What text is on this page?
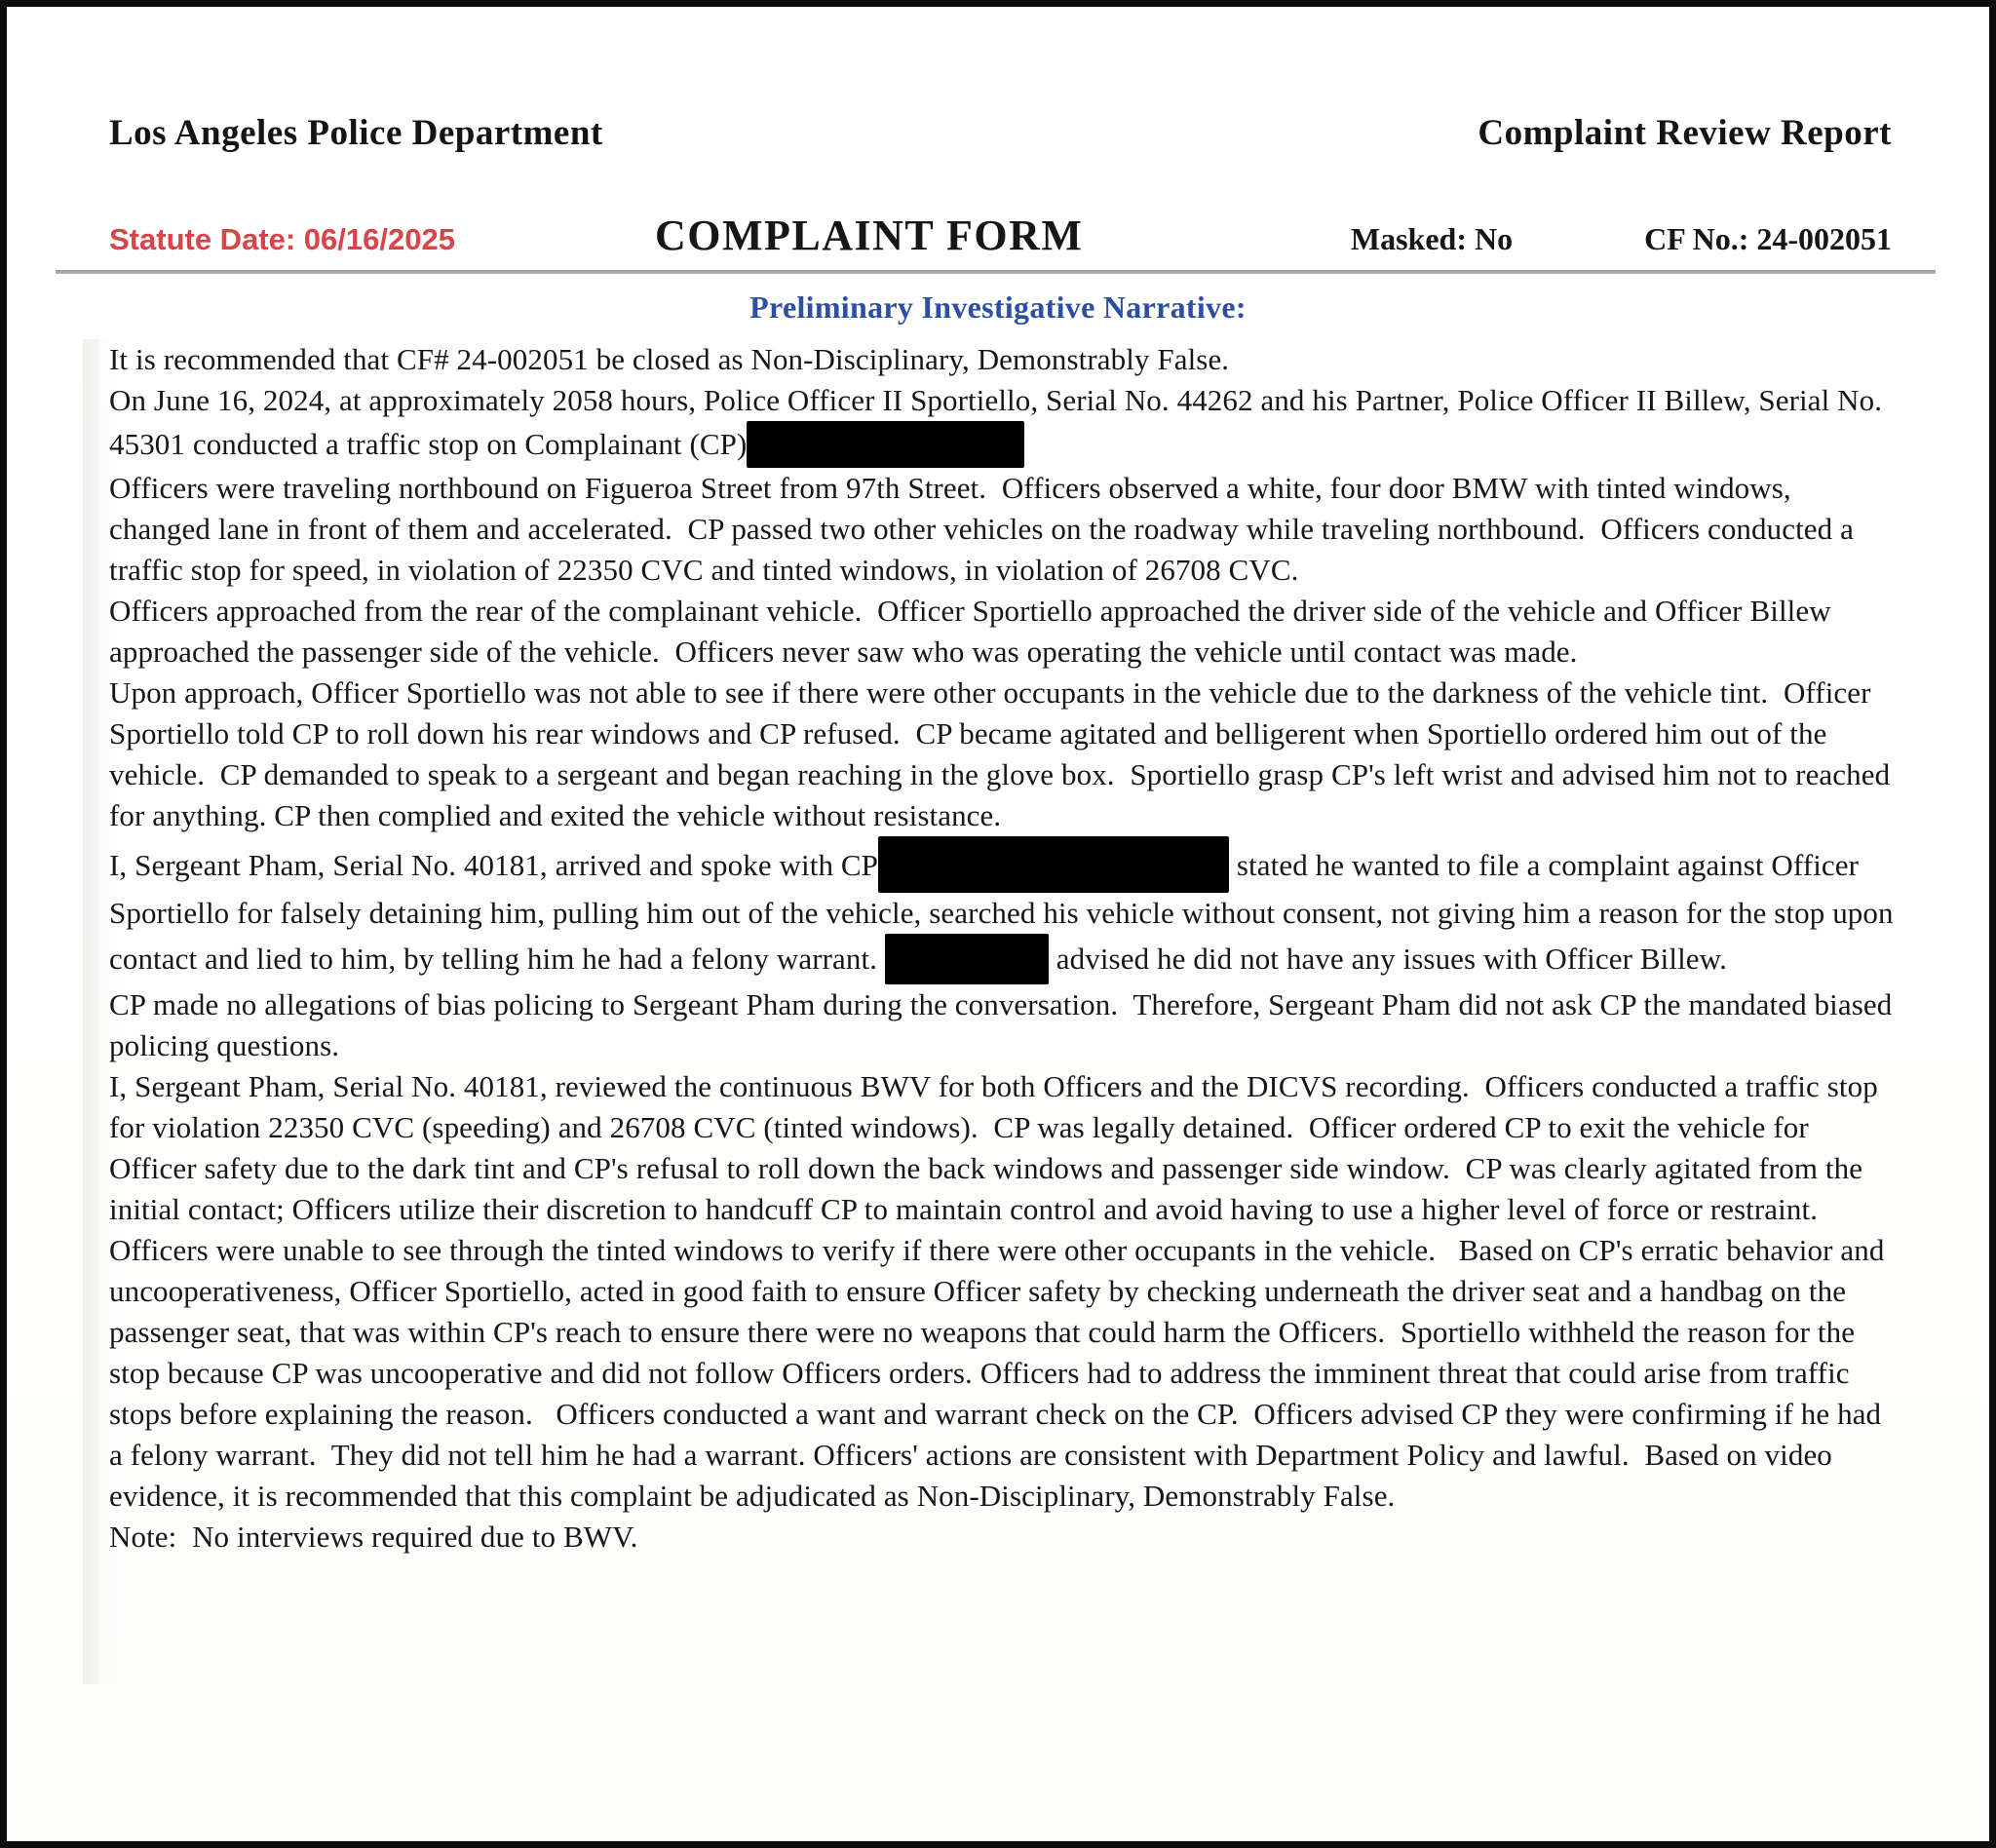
Los Angeles Police Department	Complaint Review Report
Statute Date: 06/16/2025	COMPLAINT FORM	Masked: No	CF No.: 24-002051
Preliminary Investigative Narrative:

It is recommended that CF# 24-002051 be closed as Non-Disciplinary, Demonstrably False.

On June 16, 2024, at approximately 2058 hours, Police Officer II Sportiello, Serial No. 44262 and his Partner, Police Officer II Billew, Serial No. 45301 conducted a traffic stop on Complainant (CP)

Officers were traveling northbound on Figueroa Street from 97th Street.  Officers observed a white, four door BMW with tinted windows, changed lane in front of them and accelerated.  CP passed two other vehicles on the roadway while traveling northbound.  Officers conducted a traffic stop for speed, in violation of 22350 CVC and tinted windows, in violation of 26708 CVC.

Officers approached from the rear of the complainant vehicle.  Officer Sportiello approached the driver side of the vehicle and Officer Billew approached the passenger side of the vehicle.  Officers never saw who was operating the vehicle until contact was made.

Upon approach, Officer Sportiello was not able to see if there were other occupants in the vehicle due to the darkness of the vehicle tint.  Officer Sportiello told CP to roll down his rear windows and CP refused.  CP became agitated and belligerent when Sportiello ordered him out of the vehicle.  CP demanded to speak to a sergeant and began reaching in the glove box.  Sportiello grasp CP's left wrist and advised him not to reached for anything. CP then complied and exited the vehicle without resistance.

I, Sergeant Pham, Serial No. 40181, arrived and spoke with CP	stated he wanted to file a complaint against Officer Sportiello for falsely detaining him, pulling him out of the vehicle, searched his vehicle without consent, not giving him a reason for the stop upon contact and lied to him, by telling him he had a felony warrant.	advised he did not have any issues with Officer Billew.

CP made no allegations of bias policing to Sergeant Pham during the conversation.  Therefore, Sergeant Pham did not ask CP the mandated biased policing questions.

I, Sergeant Pham, Serial No. 40181, reviewed the continuous BWV for both Officers and the DICVS recording.  Officers conducted a traffic stop for violation 22350 CVC (speeding) and 26708 CVC (tinted windows).  CP was legally detained.  Officer ordered CP to exit the vehicle for Officer safety due to the dark tint and CP's refusal to roll down the back windows and passenger side window.  CP was clearly agitated from the initial contact; Officers utilize their discretion to handcuff CP to maintain control and avoid having to use a higher level of force or restraint.  Officers were unable to see through the tinted windows to verify if there were other occupants in the vehicle.   Based on CP's erratic behavior and uncooperativeness, Officer Sportiello, acted in good faith to ensure Officer safety by checking underneath the driver seat and a handbag on the passenger seat, that was within CP's reach to ensure there were no weapons that could harm the Officers.  Sportiello withheld the reason for the stop because CP was uncooperative and did not follow Officers orders. Officers had to address the imminent threat that could arise from traffic stops before explaining the reason.   Officers conducted a want and warrant check on the CP.  Officers advised CP they were confirming if he had a felony warrant.  They did not tell him he had a warrant. Officers' actions are consistent with Department Policy and lawful.  Based on video evidence, it is recommended that this complaint be adjudicated as Non-Disciplinary, Demonstrably False.

Note:  No interviews required due to BWV.
